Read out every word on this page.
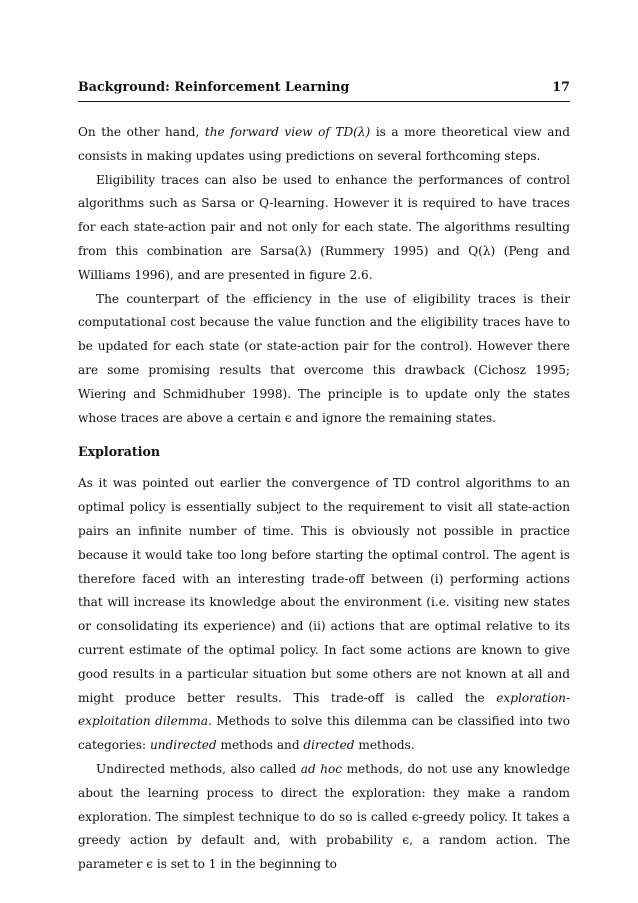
Background: Reinforcement Learning	17

On the other hand, the forward view of TD(λ) is a more theoretical view and consists in making updates using predictions on several forthcoming steps.

Eligibility traces can also be used to enhance the performances of control algorithms such as Sarsa or Q-learning. However it is required to have traces for each state-action pair and not only for each state. The algorithms resulting from this combination are Sarsa(λ) (Rummery 1995) and Q(λ) (Peng and Williams 1996), and are presented in figure 2.6.

The counterpart of the efficiency in the use of eligibility traces is their computational cost because the value function and the eligibility traces have to be updated for each state (or state-action pair for the control). However there are some promising results that overcome this drawback (Cichosz 1995; Wiering and Schmidhuber 1998). The principle is to update only the states whose traces are above a certain ϵ and ignore the remaining states.

Exploration

As it was pointed out earlier the convergence of TD control algorithms to an optimal policy is essentially subject to the requirement to visit all state-action pairs an infinite number of time. This is obviously not possible in practice because it would take too long before starting the optimal control. The agent is therefore faced with an interesting trade-off between (i) performing actions that will increase its knowledge about the environment (i.e. visiting new states or consolidating its experience) and (ii) actions that are optimal relative to its current estimate of the optimal policy. In fact some actions are known to give good results in a particular situation but some others are not known at all and might produce better results. This trade-off is called the exploration-exploitation dilemma. Methods to solve this dilemma can be classified into two categories: undirected methods and directed methods.

Undirected methods, also called ad hoc methods, do not use any knowledge about the learning process to direct the exploration: they make a random exploration. The simplest technique to do so is called ϵ-greedy policy. It takes a greedy action by default and, with probability ϵ, a random action. The parameter ϵ is set to 1 in the beginning to
